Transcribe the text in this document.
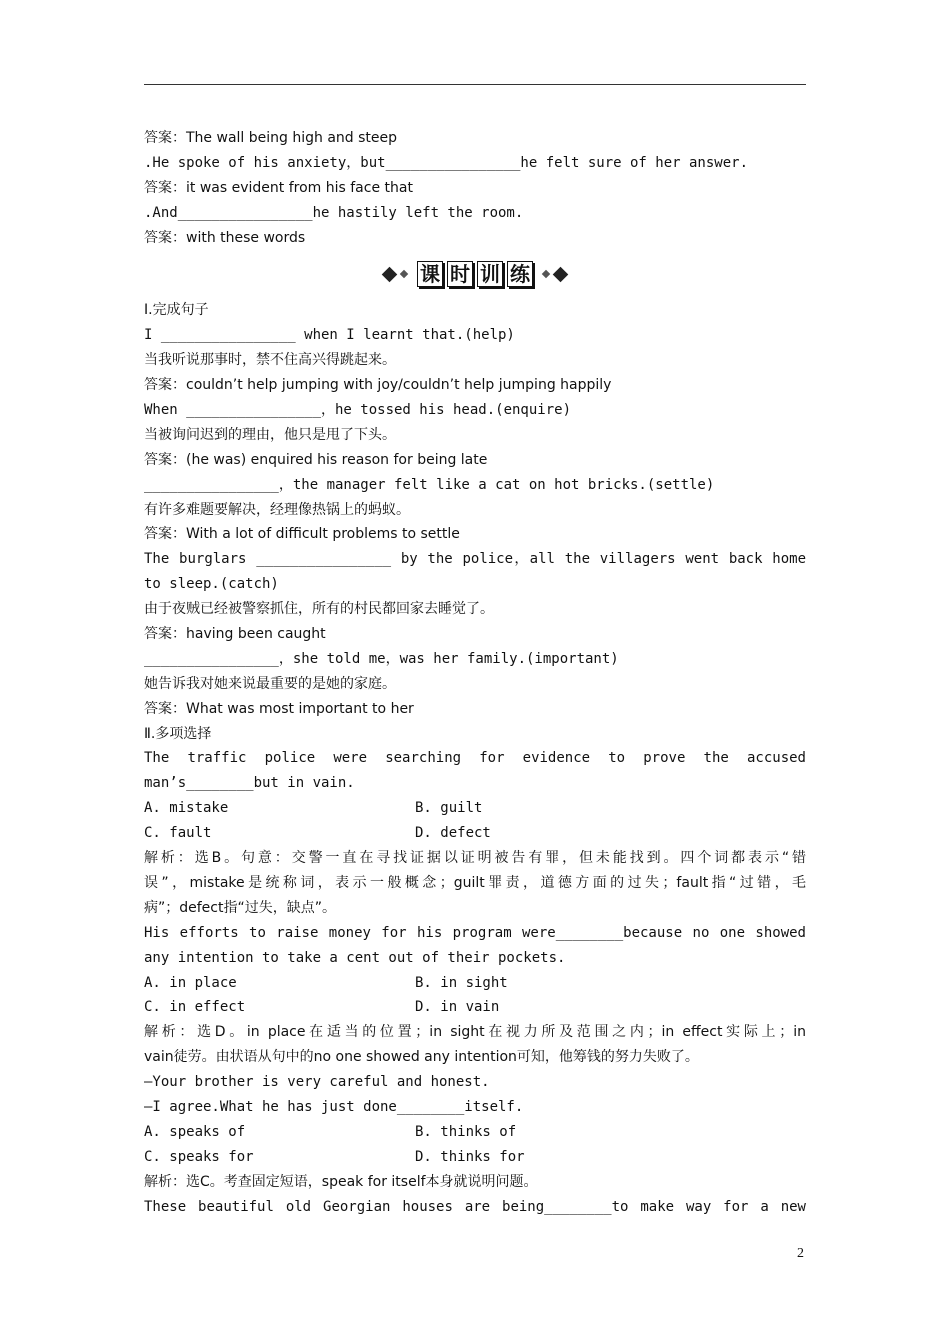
答案：The wall being high and steep
.He spoke of his anxiety，but________________he felt sure of her answer.
答案：it was evident from his face that
.And________________he hastily left the room.
答案：with these words
课 时 训 练
Ⅰ.完成句子
I ________________ when I learnt that.(help)
当我听说那事时，禁不住高兴得跳起来。
答案：couldn’t help jumping with joy/couldn’t help jumping happily
When ________________，he tossed his head.(enquire)
当被询问迟到的理由，他只是甩了下头。
答案：(he was) enquired his reason for being late
________________，the manager felt like a cat on hot bricks.(settle)
有许多难题要解决，经理像热锅上的蚂蚁。
答案：With a lot of difficult problems to settle
The burglars ________________ by the police，all the villagers went back home
to sleep.(catch)
由于夜贼已经被警察抓住，所有的村民都回家去睡觉了。
答案：having been caught
________________，she told me，was her family.(important)
她告诉我对她来说最重要的是她的家庭。
答案：What was most important to her
Ⅱ.多项选择
The traffic police were searching for evidence to prove the accused
man’s________but in vain.
A. mistake	B. guilt
C. fault	D. defect
解析：选B。句意：交警一直在寻找证据以证明被告有罪，但未能找到。四个词都表示“错
误”，mistake是统称词，表示一般概念；guilt罪责，道德方面的过失；fault指“过错，毛
病”；defect指“过失，缺点”。
His efforts to raise money for his program were________because no one showed
any intention to take a cent out of their pockets.
A. in place	B. in sight
C. in effect	D. in vain
解析：选D。in place在适当的位置；in sight在视力所及范围之内；in effect实际上；in
vain徒劳。由状语从句中的no one showed any intention可知，他筹钱的努力失败了。
—Your brother is very careful and honest.
—I agree.What he has just done________itself.
A. speaks of	B. thinks of
C. speaks for	D. thinks for
解析：选C。考查固定短语，speak for itself本身就说明问题。
These beautiful old Georgian houses are being________to make way for a new
2
